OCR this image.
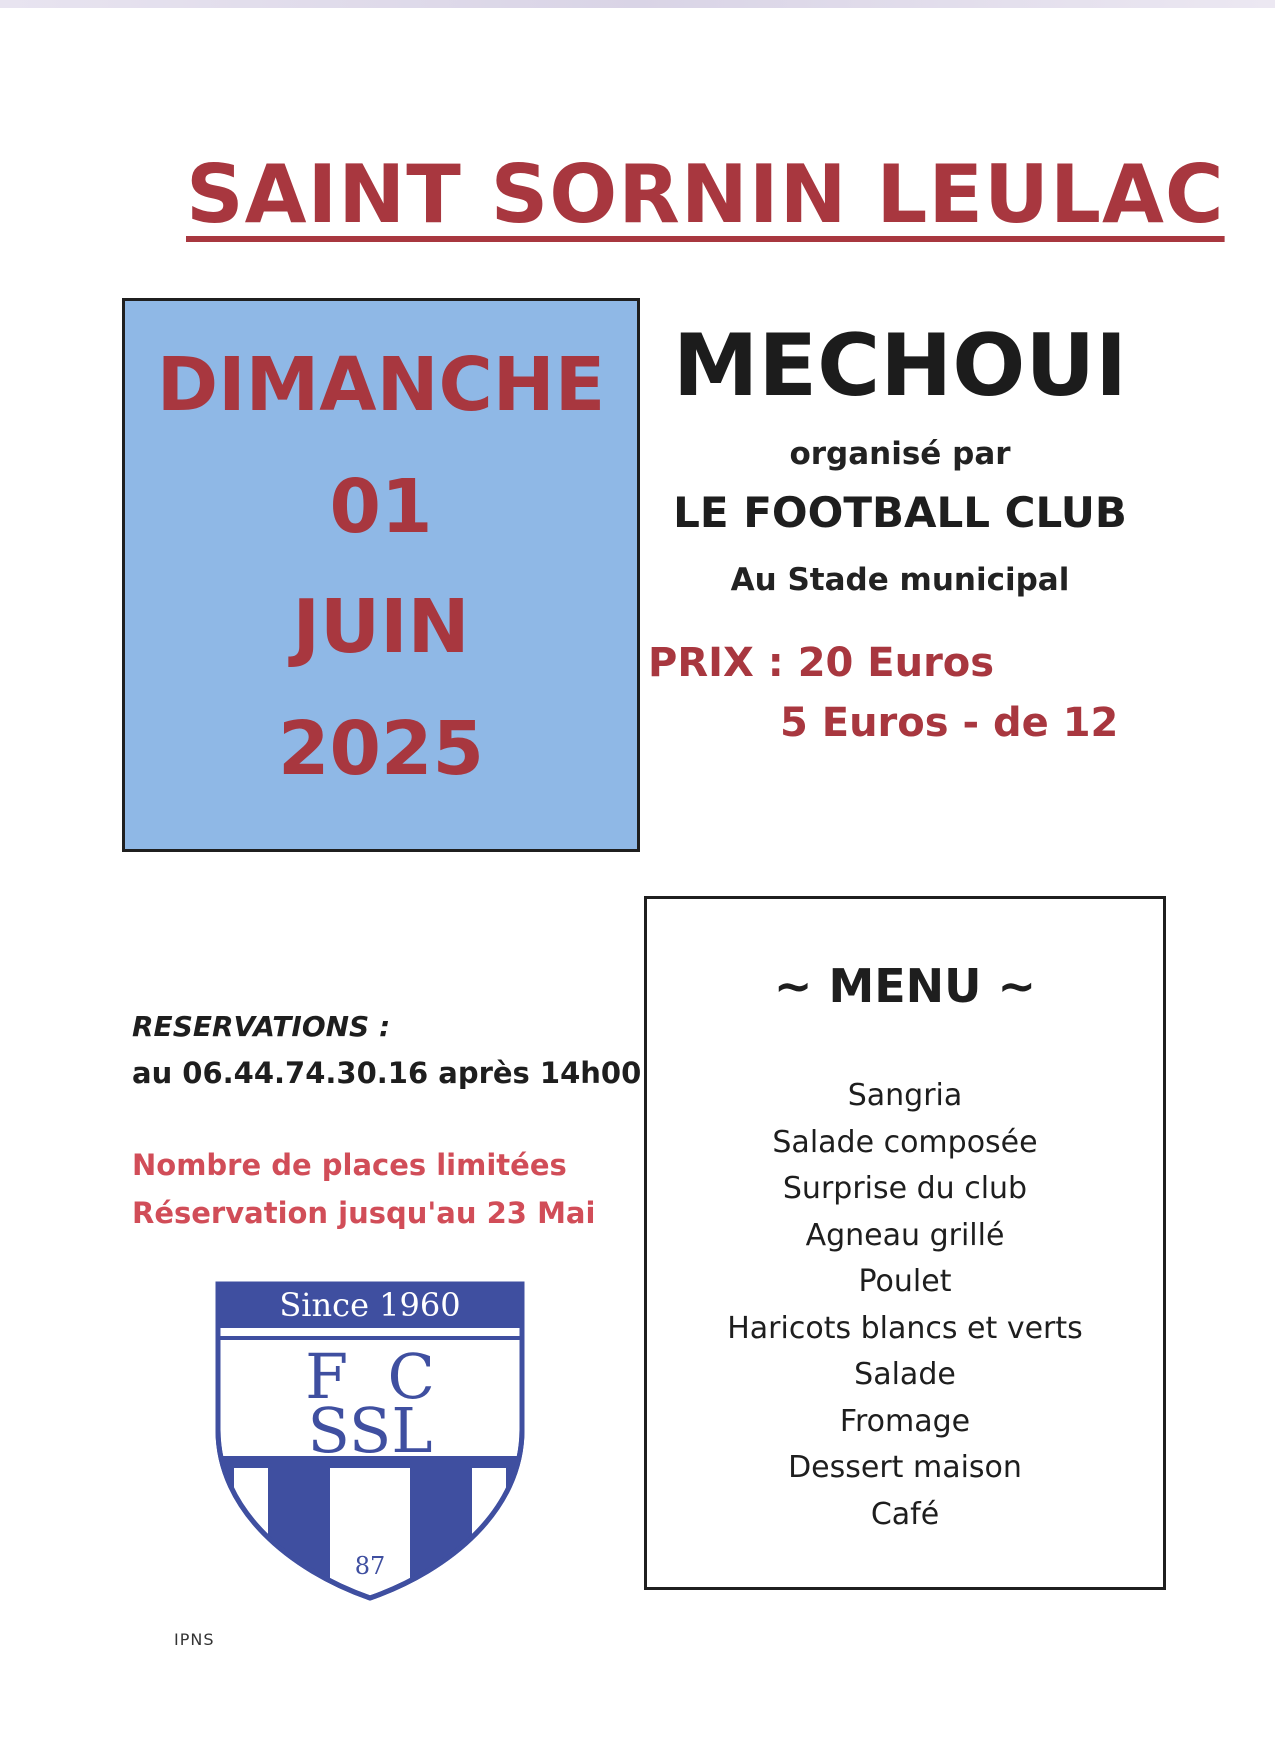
SAINT SORNIN LEULAC
DIMANCHE
01
JUIN
2025
MECHOUI
organisé par
LE FOOTBALL CLUB
Au Stade municipal
PRIX : 20 Euros
5 Euros - de 12
RESERVATIONS :
au 06.44.74.30.16 après 14h00
Nombre de places limitées
Réservation jusqu'au 23 Mai
~ MENU ~
Sangria
Salade composée
Surprise du club
Agneau grillé
Poulet
Haricots blancs et verts
Salade
Fromage
Dessert maison
Café
Since 1960
F  C
SSL
87
IPNS
